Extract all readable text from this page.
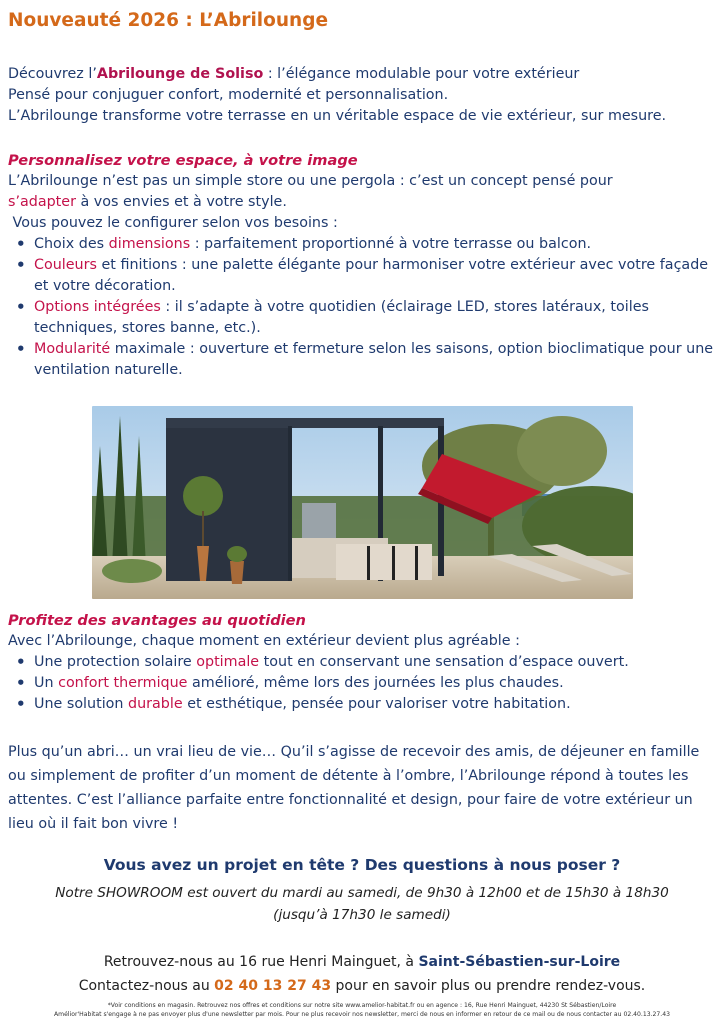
Nouveauté 2026 : L’Abrilounge

Découvrez l’Abrilounge de Soliso : l’élégance modulable pour votre extérieur

Pensé pour conjuguer confort, modernité et personnalisation.

L’Abrilounge transforme votre terrasse en un véritable espace de vie extérieur, sur mesure.

Personnalisez votre espace, à votre image

L’Abrilounge n’est pas un simple store ou une pergola : c’est un concept pensé pour

s’adapter à vos envies et à votre style.

Vous pouvez le configurer selon vos besoins :

• Choix des dimensions : parfaitement proportionné à votre terrasse ou balcon.
• Couleurs et finitions : une palette élégante pour harmoniser votre extérieur avec votre façade et votre décoration.
• Options intégrées : il s’adapte à votre quotidien (éclairage LED, stores latéraux, toiles techniques, stores banne, etc.).
• Modularité maximale : ouverture et fermeture selon les saisons, option bioclimatique pour une ventilation naturelle.
Profitez des avantages au quotidien

Avec l’Abrilounge, chaque moment en extérieur devient plus agréable :

• Une protection solaire optimale tout en conservant une sensation d’espace ouvert.
• Un confort thermique amélioré, même lors des journées les plus chaudes.
• Une solution durable et esthétique, pensée pour valoriser votre habitation.

Plus qu’un abri… un vrai lieu de vie… Qu’il s’agisse de recevoir des amis, de déjeuner en famille ou simplement de profiter d’un moment de détente à l’ombre, l’Abrilounge répond à toutes les attentes. C’est l’alliance parfaite entre fonctionnalité et design, pour faire de votre extérieur un lieu où il fait bon vivre !

Vous avez un projet en tête ? Des questions à nous poser ?

Notre SHOWROOM est ouvert du mardi au samedi, de 9h30 à 12h00 et de 15h30 à 18h30

(jusqu’à 17h30 le samedi)

Retrouvez-nous au 16 rue Henri Mainguet, à Saint-Sébastien-sur-Loire

Contactez-nous au 02 40 13 27 43 pour en savoir plus ou prendre rendez-vous.

*Voir conditions en magasin. Retrouvez nos offres et conditions sur notre site www.amelior-habitat.fr ou en agence : 16, Rue Henri Mainguet, 44230 St Sébastien/Loire

Amélior'Habitat s'engage à ne pas envoyer plus d'une newsletter par mois. Pour ne plus recevoir nos newsletter, merci de nous en informer en retour de ce mail ou de nous contacter au 02.40.13.27.43
